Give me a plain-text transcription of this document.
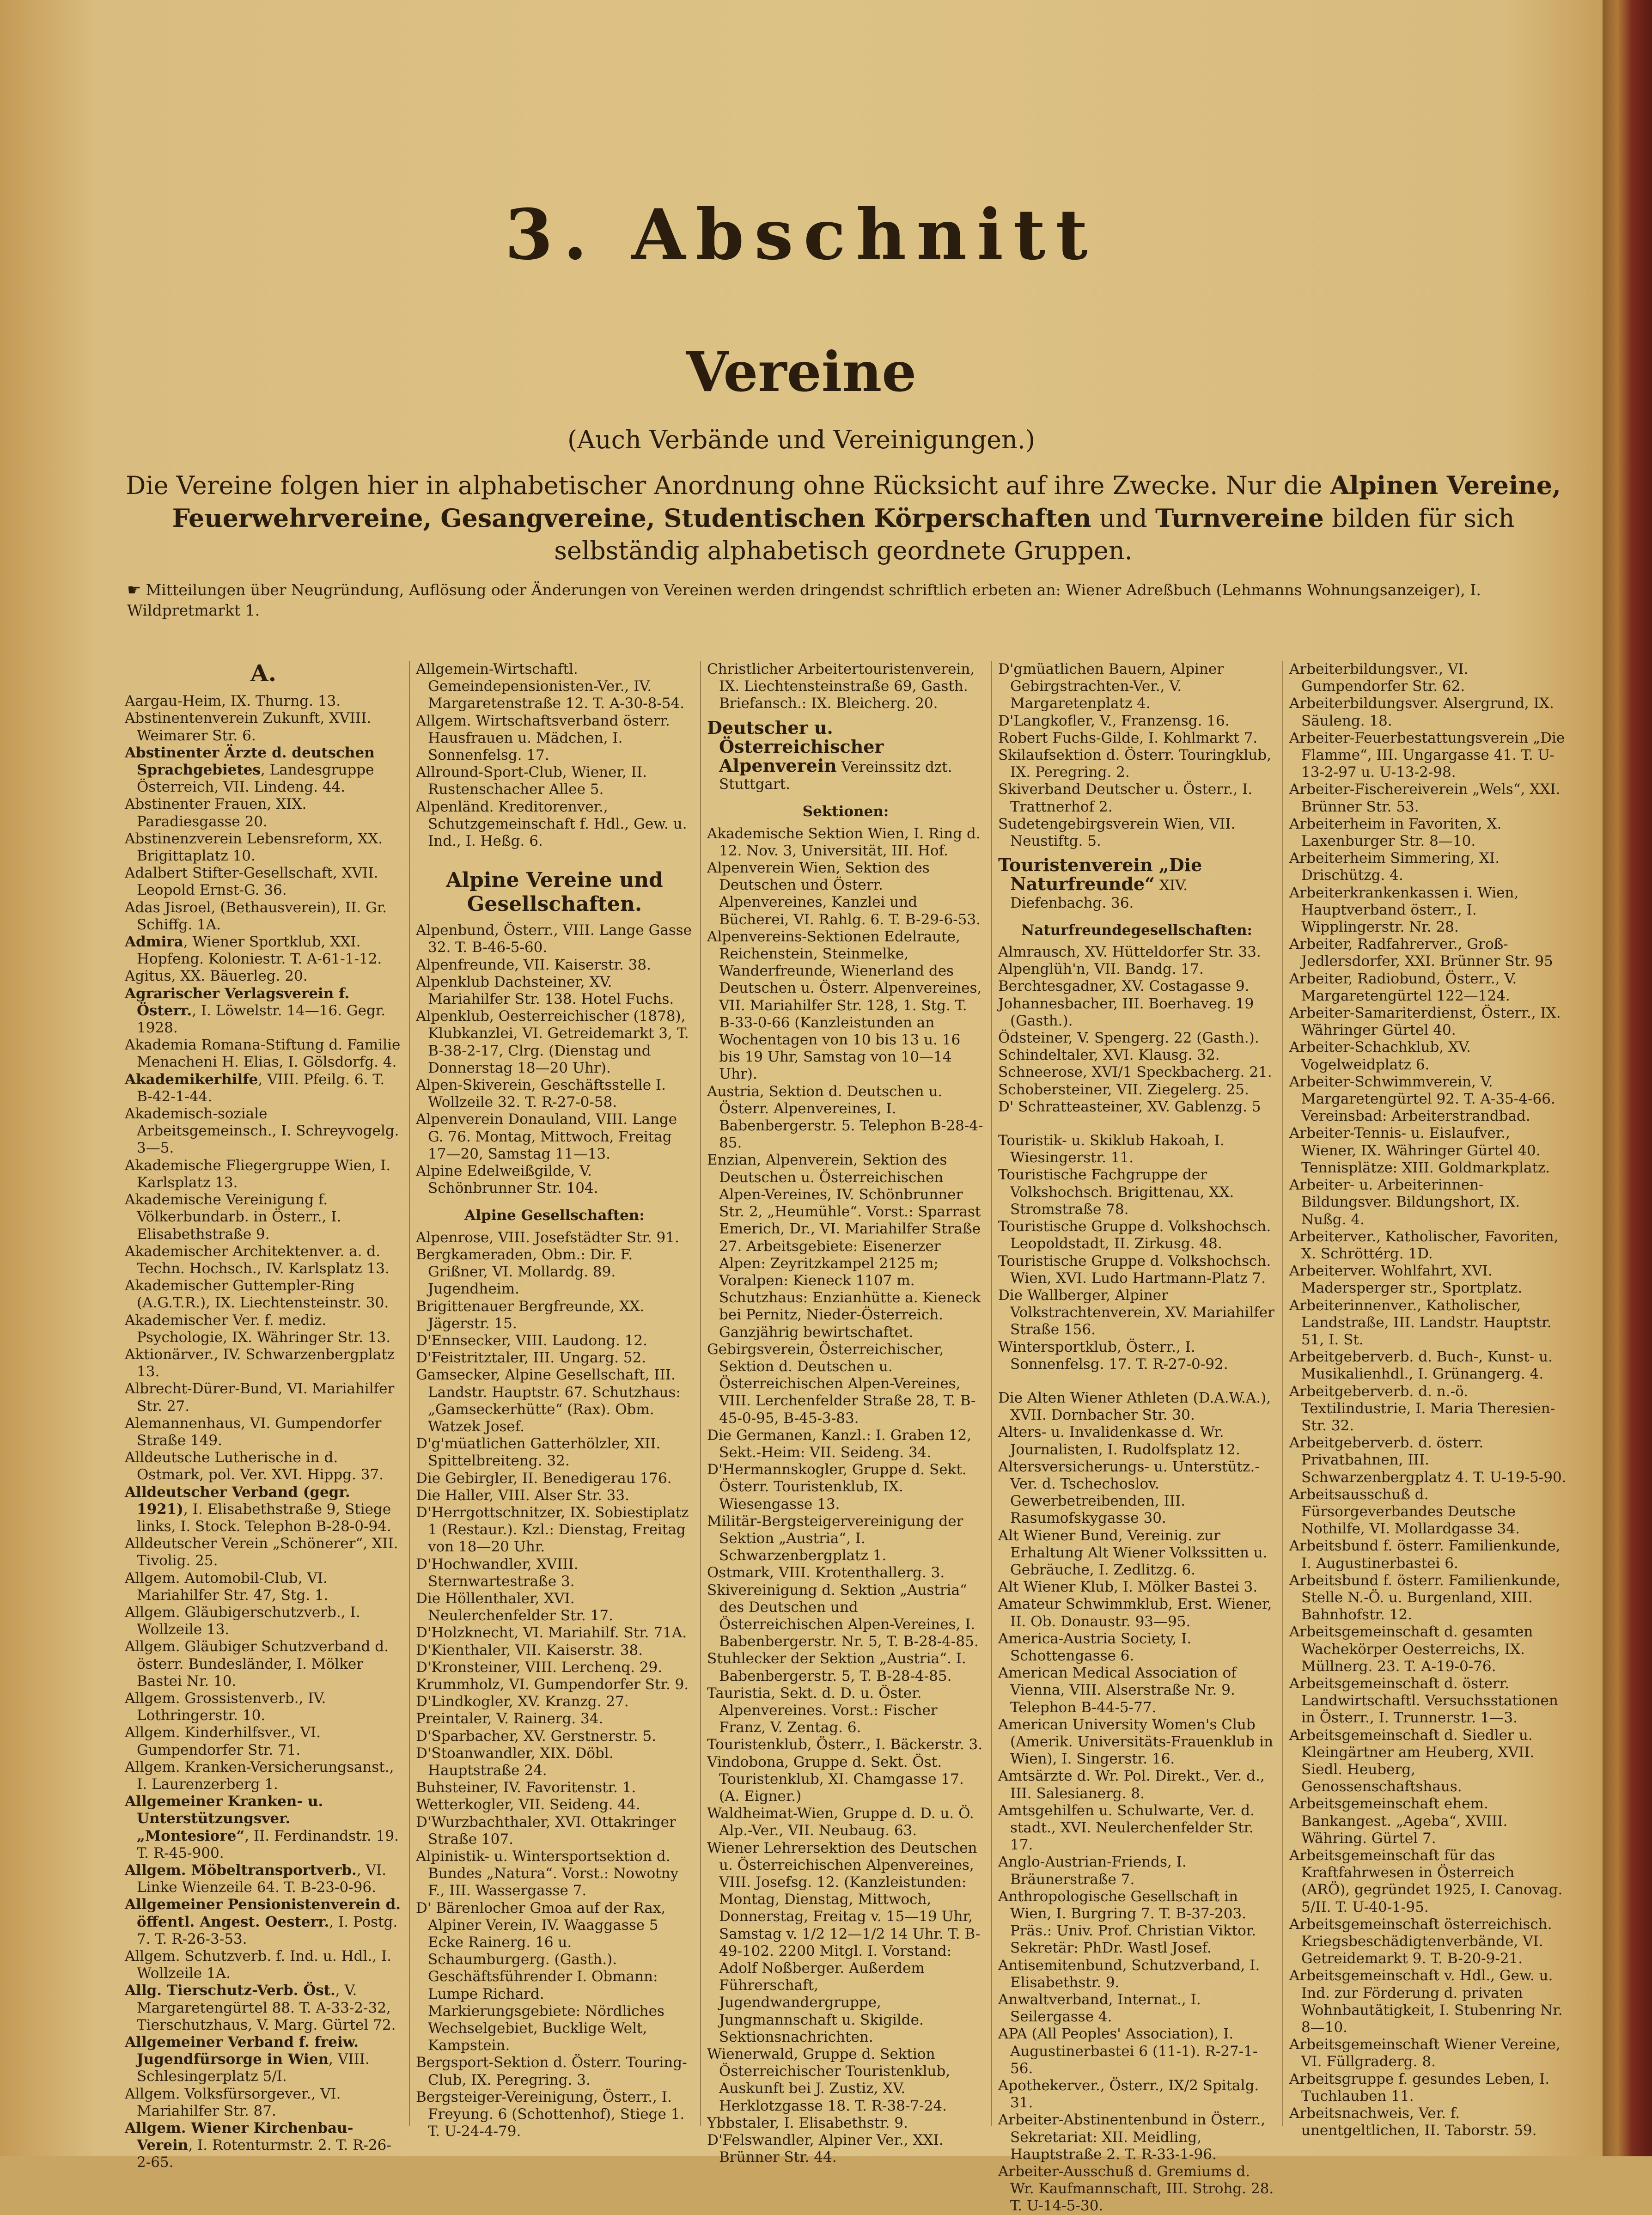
3. Abschnitt
Vereine
(Auch Verbände und Vereinigungen.)
Die Vereine folgen hier in alphabetischer Anordnung ohne Rücksicht auf ihre Zwecke. Nur die Alpinen Vereine, Feuerwehrvereine, Gesangvereine, Studentischen Körperschaften und Turnvereine bilden für sich selbständig alphabetisch geordnete Gruppen.
☛ Mitteilungen über Neugründung, Auflösung oder Änderungen von Vereinen werden dringendst schriftlich erbeten an: Wiener Adreßbuch (Lehmanns Wohnungsanzeiger), I. Wildpretmarkt 1.

A.

Aargau-Heim, IX. Thurng. 13.

Abstinentenverein Zukunft, XVIII. Weimarer Str. 6.

Abstinenter Ärzte d. deutschen Sprachgebietes, Landesgruppe Österreich, VII. Lindeng. 44.

Abstinenter Frauen, XIX. Paradiesgasse 20.

Abstinenzverein Lebensreform, XX. Brigittaplatz 10.

Adalbert Stifter-Gesellschaft, XVII. Leopold Ernst-G. 36.

Adas Jisroel, (Bethausverein), II. Gr. Schiffg. 1A.

Admira, Wiener Sportklub, XXI. Hopfeng. Koloniestr. T. A-61-1-12.

Agitus, XX. Bäuerleg. 20.

Agrarischer Verlagsverein f. Österr., I. Löwelstr. 14—16. Gegr. 1928.

Akademia Romana-Stiftung d. Familie Menacheni H. Elias, I. Gölsdorfg. 4.

Akademikerhilfe, VIII. Pfeilg. 6. T. B-42-1-44.

Akademisch-soziale Arbeitsgemeinsch., I. Schreyvogelg. 3—5.

Akademische Fliegergruppe Wien, I. Karlsplatz 13.

Akademische Vereinigung f. Völkerbundarb. in Österr., I. Elisabethstraße 9.

Akademischer Architektenver. a. d. Techn. Hochsch., IV. Karlsplatz 13.

Akademischer Guttempler-Ring (A.G.T.R.), IX. Liechtensteinstr. 30.

Akademischer Ver. f. mediz. Psychologie, IX. Währinger Str. 13.

Aktionärver., IV. Schwarzenbergplatz 13.

Albrecht-Dürer-Bund, VI. Mariahilfer Str. 27.

Alemannenhaus, VI. Gumpendorfer Straße 149.

Alldeutsche Lutherische in d. Ostmark, pol. Ver. XVI. Hippg. 37.

Alldeutscher Verband (gegr. 1921), I. Elisabethstraße 9, Stiege links, I. Stock. Telephon B-28-0-94.

Alldeutscher Verein „Schönerer“, XII. Tivolig. 25.

Allgem. Automobil-Club, VI. Mariahilfer Str. 47, Stg. 1.

Allgem. Gläubigerschutzverb., I. Wollzeile 13.

Allgem. Gläubiger Schutzverband d. österr. Bundesländer, I. Mölker Bastei Nr. 10.

Allgem. Grossistenverb., IV. Lothringerstr. 10.

Allgem. Kinderhilfsver., VI. Gumpendorfer Str. 71.

Allgem. Kranken-Versicherungsanst., I. Laurenzerberg 1.

Allgemeiner Kranken- u. Unterstützungsver. „Montesiore“, II. Ferdinandstr. 19. T. R-45-900.

Allgem. Möbeltransportverb., VI. Linke Wienzeile 64. T. B-23-0-96.

Allgemeiner Pensionistenverein d. öffentl. Angest. Oesterr., I. Postg. 7. T. R-26-3-53.

Allgem. Schutzverb. f. Ind. u. Hdl., I. Wollzeile 1A.

Allg. Tierschutz-Verb. Öst., V. Margaretengürtel 88. T. A-33-2-32, Tierschutzhaus, V. Marg. Gürtel 72.

Allgemeiner Verband f. freiw. Jugendfürsorge in Wien, VIII. Schlesingerplatz 5/I.

Allgem. Volksfürsorgever., VI. Mariahilfer Str. 87.

Allgem. Wiener Kirchenbau-Verein, I. Rotenturmstr. 2. T. R-26-2-65.

Allgemein-Wirtschaftl. Gemeindepensionisten-Ver., IV. Margaretenstraße 12. T. A-30-8-54.

Allgem. Wirtschaftsverband österr. Hausfrauen u. Mädchen, I. Sonnenfelsg. 17.

Allround-Sport-Club, Wiener, II. Rustenschacher Allee 5.

Alpenländ. Kreditorenver., Schutzgemeinschaft f. Hdl., Gew. u. Ind., I. Heßg. 6.

Alpine Vereine und Gesellschaften.

Alpenbund, Österr., VIII. Lange Gasse 32. T. B-46-5-60.

Alpenfreunde, VII. Kaiserstr. 38.

Alpenklub Dachsteiner, XV. Mariahilfer Str. 138. Hotel Fuchs.

Alpenklub, Oesterreichischer (1878), Klubkanzlei, VI. Getreidemarkt 3, T. B-38-2-17, Clrg. (Dienstag und Donnerstag 18—20 Uhr).

Alpen-Skiverein, Geschäftsstelle I. Wollzeile 32. T. R-27-0-58.

Alpenverein Donauland, VIII. Lange G. 76. Montag, Mittwoch, Freitag 17—20, Samstag 11—13.

Alpine Edelweißgilde, V. Schönbrunner Str. 104.

Alpine Gesellschaften:

Alpenrose, VIII. Josefstädter Str. 91.

Bergkameraden, Obm.: Dir. F. Grißner, VI. Mollardg. 89. Jugendheim.

Brigittenauer Bergfreunde, XX. Jägerstr. 15.

D'Ennsecker, VIII. Laudong. 12.

D'Feistritztaler, III. Ungarg. 52.

Gamsecker, Alpine Gesellschaft, III. Landstr. Hauptstr. 67. Schutzhaus: „Gamseckerhütte“ (Rax). Obm. Watzek Josef.

D'g'müatlichen Gatterhölzler, XII. Spittelbreiteng. 32.

Die Gebirgler, II. Benedigerau 176.

Die Haller, VIII. Alser Str. 33.

D'Herrgottschnitzer, IX. Sobiestiplatz 1 (Restaur.). Kzl.: Dienstag, Freitag von 18—20 Uhr.

D'Hochwandler, XVIII. Sternwartestraße 3.

Die Höllenthaler, XVI. Neulerchenfelder Str. 17.

D'Holzknecht, VI. Mariahilf. Str. 71A.

D'Kienthaler, VII. Kaiserstr. 38.

D'Kronsteiner, VIII. Lerchenq. 29.

Krummholz, VI. Gumpendorfer Str. 9.

D'Lindkogler, XV. Kranzg. 27.

Preintaler, V. Rainerg. 34.

D'Sparbacher, XV. Gerstnerstr. 5.

D'Stoanwandler, XIX. Döbl. Hauptstraße 24.

Buhsteiner, IV. Favoritenstr. 1.

Wetterkogler, VII. Seideng. 44.

D'Wurzbachthaler, XVI. Ottakringer Straße 107.

Alpinistik- u. Wintersportsektion d. Bundes „Natura“. Vorst.: Nowotny F., III. Wassergasse 7.

D' Bärenlocher Gmoa auf der Rax, Alpiner Verein, IV. Waaggasse 5 Ecke Rainerg. 16 u. Schaumburgerg. (Gasth.). Geschäftsführender I. Obmann: Lumpe Richard. Markierungsgebiete: Nördliches Wechselgebiet, Bucklige Welt, Kampstein.

Bergsport-Sektion d. Österr. Touring-Club, IX. Peregring. 3.

Bergsteiger-Vereinigung, Österr., I. Freyung. 6 (Schottenhof), Stiege 1. T. U-24-4-79.

Christlicher Arbeitertouristenverein, IX. Liechtensteinstraße 69, Gasth. Briefansch.: IX. Bleicherg. 20.

Deutscher u. Österreichischer Alpenverein Vereinssitz dzt. Stuttgart.

Sektionen:

Akademische Sektion Wien, I. Ring d. 12. Nov. 3, Universität, III. Hof.

Alpenverein Wien, Sektion des Deutschen und Österr. Alpenvereines, Kanzlei und Bücherei, VI. Rahlg. 6. T. B-29-6-53.

Alpenvereins-Sektionen Edelraute, Reichenstein, Steinmelke, Wanderfreunde, Wienerland des Deutschen u. Österr. Alpenvereines, VII. Mariahilfer Str. 128, 1. Stg. T. B-33-0-66 (Kanzleistunden an Wochentagen von 10 bis 13 u. 16 bis 19 Uhr, Samstag von 10—14 Uhr).

Austria, Sektion d. Deutschen u. Österr. Alpenvereines, I. Babenbergerstr. 5. Telephon B-28-4-85.

Enzian, Alpenverein, Sektion des Deutschen u. Österreichischen Alpen-Vereines, IV. Schönbrunner Str. 2, „Heumühle“. Vorst.: Sparrast Emerich, Dr., VI. Mariahilfer Straße 27. Arbeitsgebiete: Eisenerzer Alpen: Zeyritzkampel 2125 m; Voralpen: Kieneck 1107 m. Schutzhaus: Enzianhütte a. Kieneck bei Pernitz, Nieder-Österreich. Ganzjährig bewirtschaftet.

Gebirgsverein, Österreichischer, Sektion d. Deutschen u. Österreichischen Alpen-Vereines, VIII. Lerchenfelder Straße 28, T. B-45-0-95, B-45-3-83.

Die Germanen, Kanzl.: I. Graben 12, Sekt.-Heim: VII. Seideng. 34.

D'Hermannskogler, Gruppe d. Sekt. Österr. Touristenklub, IX. Wiesengasse 13.

Militär-Bergsteigervereinigung der Sektion „Austria“, I. Schwarzenbergplatz 1.

Ostmark, VIII. Krotenthallerg. 3.

Skivereinigung d. Sektion „Austria“ des Deutschen und Österreichischen Alpen-Vereines, I. Babenbergerstr. Nr. 5, T. B-28-4-85.

Stuhlecker der Sektion „Austria“. I. Babenbergerstr. 5, T. B-28-4-85.

Tauristia, Sekt. d. D. u. Öster. Alpenvereines. Vorst.: Fischer Franz, V. Zentag. 6.

Touristenklub, Österr., I. Bäckerstr. 3.

Vindobona, Gruppe d. Sekt. Öst. Touristenklub, XI. Chamgasse 17. (A. Eigner.)

Waldheimat-Wien, Gruppe d. D. u. Ö. Alp.-Ver., VII. Neubaug. 63.

Wiener Lehrersektion des Deutschen u. Österreichischen Alpenvereines, VIII. Josefsg. 12. (Kanzleistunden: Montag, Dienstag, Mittwoch, Donnerstag, Freitag v. 15—19 Uhr, Samstag v. 1/2 12—1/2 14 Uhr. T. B-49-102. 2200 Mitgl. I. Vorstand: Adolf Noßberger. Außerdem Führerschaft, Jugendwandergruppe, Jungmannschaft u. Skigilde. Sektionsnachrichten.

Wienerwald, Gruppe d. Sektion Österreichischer Touristenklub, Auskunft bei J. Zustiz, XV. Herklotzgasse 18. T. R-38-7-24.

Ybbstaler, I. Elisabethstr. 9.

D'Felswandler, Alpiner Ver., XXI. Brünner Str. 44.

D'gmüatlichen Bauern, Alpiner Gebirgstrachten-Ver., V. Margaretenplatz 4.

D'Langkofler, V., Franzensg. 16.

Robert Fuchs-Gilde, I. Kohlmarkt 7.

Skilaufsektion d. Österr. Touringklub, IX. Peregring. 2.

Skiverband Deutscher u. Österr., I. Trattnerhof 2.

Sudetengebirgsverein Wien, VII. Neustiftg. 5.

Touristenverein „Die Naturfreunde“ XIV. Diefenbachg. 36.

Naturfreundegesellschaften:

Almrausch, XV. Hütteldorfer Str. 33.

Alpenglüh'n, VII. Bandg. 17.

Berchtesgadner, XV. Costagasse 9.

Johannesbacher, III. Boerhaveg. 19 (Gasth.).

Ödsteiner, V. Spengerg. 22 (Gasth.).

Schindeltaler, XVI. Klausg. 32.

Schneerose, XVI/1 Speckbacherg. 21.

Schobersteiner, VII. Ziegelerg. 25.

D' Schratteasteiner, XV. Gablenzg. 5

Touristik- u. Skiklub Hakoah, I. Wiesingerstr. 11.

Touristische Fachgruppe der Volkshochsch. Brigittenau, XX. Stromstraße 78.

Touristische Gruppe d. Volkshochsch. Leopoldstadt, II. Zirkusg. 48.

Touristische Gruppe d. Volkshochsch. Wien, XVI. Ludo Hartmann-Platz 7.

Die Wallberger, Alpiner Volkstrachtenverein, XV. Mariahilfer Straße 156.

Wintersportklub, Österr., I. Sonnenfelsg. 17. T. R-27-0-92.

Die Alten Wiener Athleten (D.A.W.A.), XVII. Dornbacher Str. 30.

Alters- u. Invalidenkasse d. Wr. Journalisten, I. Rudolfsplatz 12.

Altersversicherungs- u. Unterstütz.-Ver. d. Tschechoslov. Gewerbetreibenden, III. Rasumofskygasse 30.

Alt Wiener Bund, Vereinig. zur Erhaltung Alt Wiener Volkssitten u. Gebräuche, I. Zedlitzg. 6.

Alt Wiener Klub, I. Mölker Bastei 3.

Amateur Schwimmklub, Erst. Wiener, II. Ob. Donaustr. 93—95.

America-Austria Society, I. Schottengasse 6.

American Medical Association of Vienna, VIII. Alserstraße Nr. 9. Telephon B-44-5-77.

American University Women's Club (Amerik. Universitäts-Frauenklub in Wien), I. Singerstr. 16.

Amtsärzte d. Wr. Pol. Direkt., Ver. d., III. Salesianerg. 8.

Amtsgehilfen u. Schulwarte, Ver. d. stadt., XVI. Neulerchenfelder Str. 17.

Anglo-Austrian-Friends, I. Bräunerstraße 7.

Anthropologische Gesellschaft in Wien, I. Burgring 7. T. B-37-203. Präs.: Univ. Prof. Christian Viktor. Sekretär: PhDr. Wastl Josef.

Antisemitenbund, Schutzverband, I. Elisabethstr. 9.

Anwaltverband, Internat., I. Seilergasse 4.

APA (All Peoples' Association), I. Augustinerbastei 6 (11-1). R-27-1-56.

Apothekerver., Österr., IX/2 Spitalg. 31.

Arbeiter-Abstinentenbund in Österr., Sekretariat: XII. Meidling, Hauptstraße 2. T. R-33-1-96.

Arbeiter-Ausschuß d. Gremiums d. Wr. Kaufmannschaft, III. Strohg. 28. T. U-14-5-30.

Arbeiterbildungsver., VI. Gumpendorfer Str. 62.

Arbeiterbildungsver. Alsergrund, IX. Säuleng. 18.

Arbeiter-Feuerbestattungsverein „Die Flamme“, III. Ungargasse 41. T. U-13-2-97 u. U-13-2-98.

Arbeiter-Fischereiverein „Wels“, XXI. Brünner Str. 53.

Arbeiterheim in Favoriten, X. Laxenburger Str. 8—10.

Arbeiterheim Simmering, XI. Drischützg. 4.

Arbeiterkrankenkassen i. Wien, Hauptverband österr., I. Wipplingerstr. Nr. 28.

Arbeiter, Radfahrerver., Groß-Jedlersdorfer, XXI. Brünner Str. 95

Arbeiter, Radiobund, Österr., V. Margaretengürtel 122—124.

Arbeiter-Samariterdienst, Österr., IX. Währinger Gürtel 40.

Arbeiter-Schachklub, XV. Vogelweidplatz 6.

Arbeiter-Schwimmverein, V. Margaretengürtel 92. T. A-35-4-66. Vereinsbad: Arbeiterstrandbad.

Arbeiter-Tennis- u. Eislaufver., Wiener, IX. Währinger Gürtel 40. Tennisplätze: XIII. Goldmarkplatz.

Arbeiter- u. Arbeiterinnen-Bildungsver. Bildungshort, IX. Nußg. 4.

Arbeiterver., Katholischer, Favoriten, X. Schröttérg. 1D.

Arbeiterver. Wohlfahrt, XVI. Madersperger str., Sportplatz.

Arbeiterinnenver., Katholischer, Landstraße, III. Landstr. Hauptstr. 51, I. St.

Arbeitgeberverb. d. Buch-, Kunst- u. Musikalienhdl., I. Grünangerg. 4.

Arbeitgeberverb. d. n.-ö. Textilindustrie, I. Maria Theresien-Str. 32.

Arbeitgeberverb. d. österr. Privatbahnen, III. Schwarzenbergplatz 4. T. U-19-5-90.

Arbeitsausschuß d. Fürsorgeverbandes Deutsche Nothilfe, VI. Mollardgasse 34.

Arbeitsbund f. österr. Familienkunde, I. Augustinerbastei 6.

Arbeitsbund f. österr. Familienkunde, Stelle N.-Ö. u. Burgenland, XIII. Bahnhofstr. 12.

Arbeitsgemeinschaft d. gesamten Wachekörper Oesterreichs, IX. Müllnerg. 23. T. A-19-0-76.

Arbeitsgemeinschaft d. österr. Landwirtschaftl. Versuchsstationen in Österr., I. Trunnerstr. 1—3.

Arbeitsgemeinschaft d. Siedler u. Kleingärtner am Heuberg, XVII. Siedl. Heuberg, Genossenschaftshaus.

Arbeitsgemeinschaft ehem. Bankangest. „Ageba“, XVIII. Währing. Gürtel 7.

Arbeitsgemeinschaft für das Kraftfahrwesen in Österreich (ARÖ), gegründet 1925, I. Canovag. 5/II. T. U-40-1-95.

Arbeitsgemeinschaft österreichisch. Kriegsbeschädigtenverbände, VI. Getreidemarkt 9. T. B-20-9-21.

Arbeitsgemeinschaft v. Hdl., Gew. u. Ind. zur Förderung d. privaten Wohnbautätigkeit, I. Stubenring Nr. 8—10.

Arbeitsgemeinschaft Wiener Vereine, VI. Füllgraderg. 8.

Arbeitsgruppe f. gesundes Leben, I. Tuchlauben 11.

Arbeitsnachweis, Ver. f. unentgeltlichen, II. Taborstr. 59.
